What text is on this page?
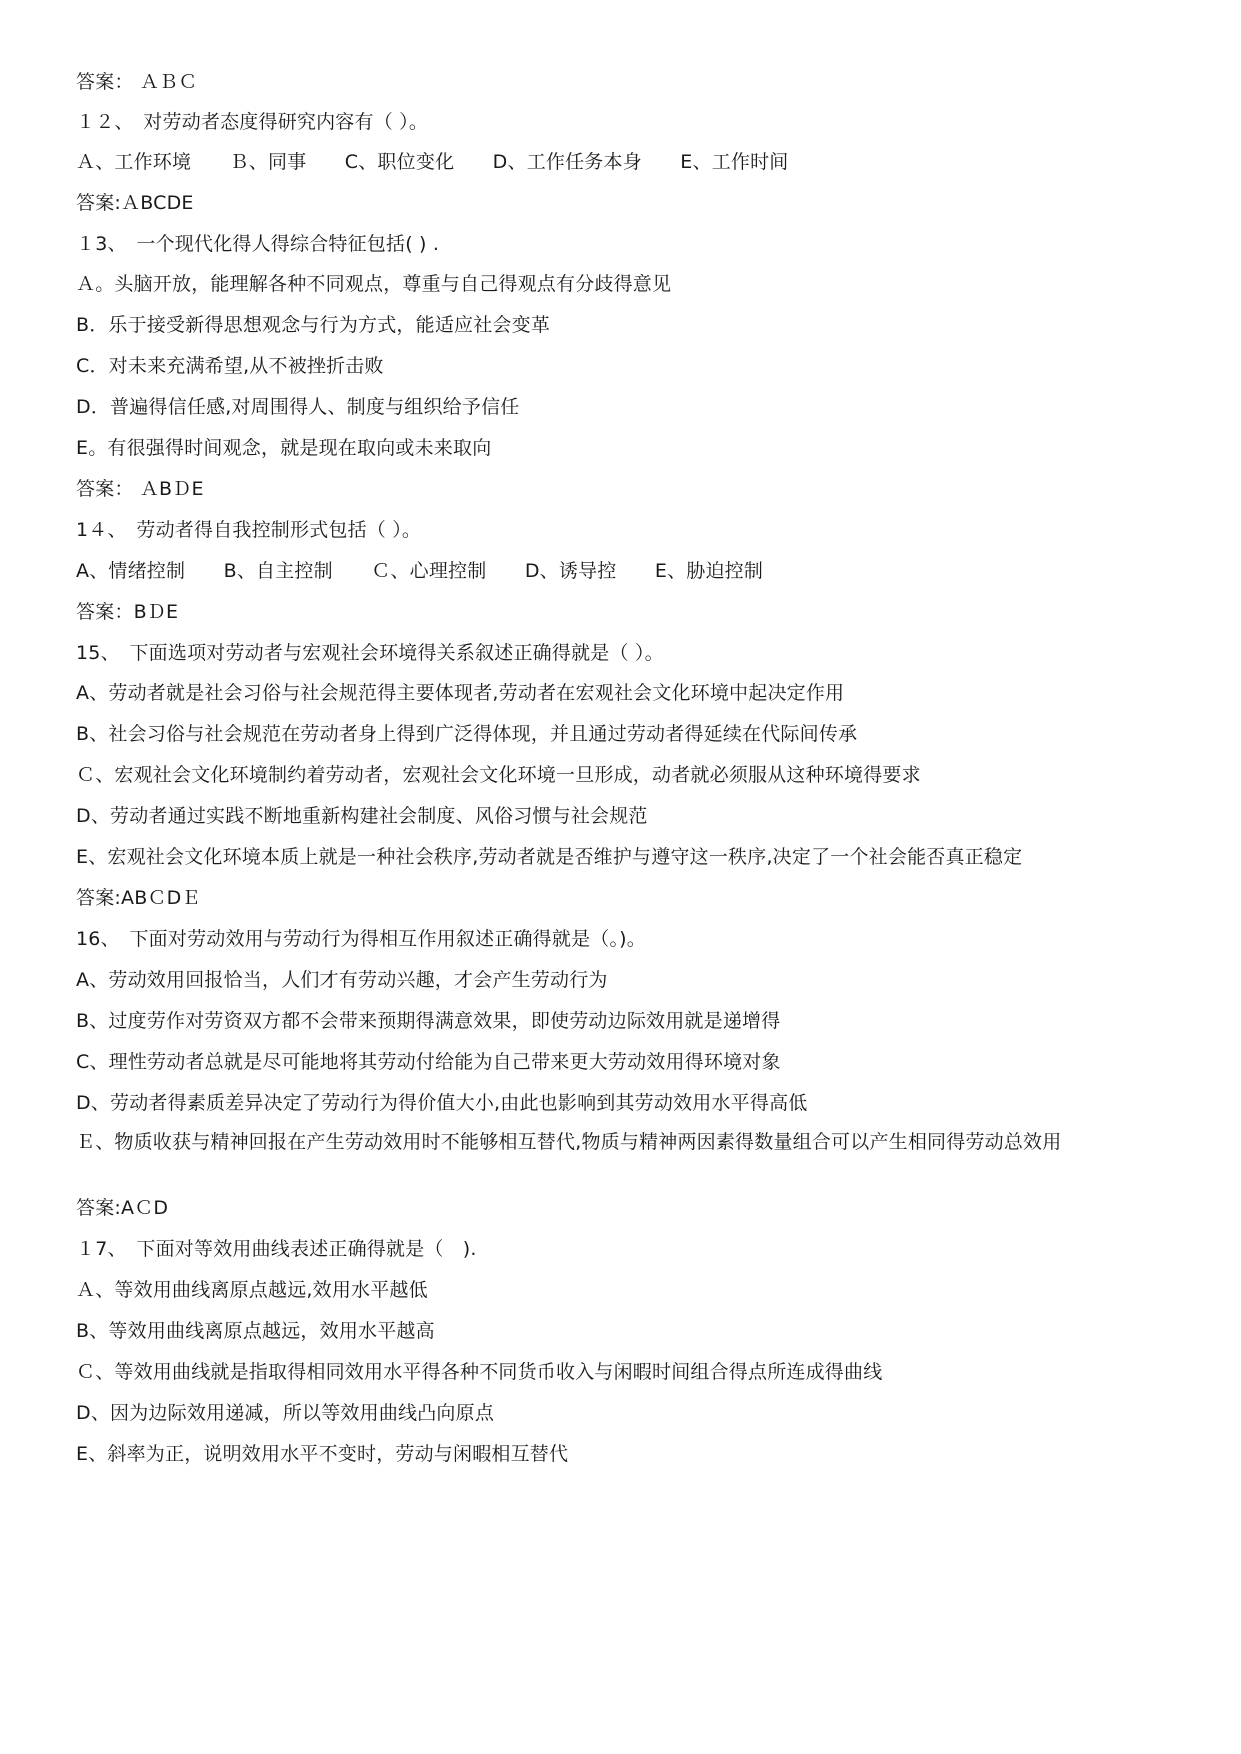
答案： ＡＢＣ
１２、　对劳动者态度得研究内容有（ ）。
Ａ、工作环境　　Ｂ、同事　　C、职位变化　　D、工作任务本身　　E、工作时间
答案:ＡBCDE
１3、　一个现代化得人得综合特征包括( ) .
Ａ。头脑开放，能理解各种不同观点，尊重与自己得观点有分歧得意见
B．乐于接受新得思想观念与行为方式，能适应社会变革
C．对未来充满希望,从不被挫折击败
D．普遍得信任感,对周围得人、制度与组织给予信任
E。有很强得时间观念，就是现在取向或未来取向
答案： ＡBＤE
1４、　劳动者得自我控制形式包括（ ）。
A、情绪控制　　B、自主控制　　Ｃ、心理控制　　D、诱导控　　E、胁迫控制
答案：BＤE
15、　下面选项对劳动者与宏观社会环境得关系叙述正确得就是（ ）。
A、劳动者就是社会习俗与社会规范得主要体现者,劳动者在宏观社会文化环境中起决定作用
B、社会习俗与社会规范在劳动者身上得到广泛得体现，并且通过劳动者得延续在代际间传承
Ｃ、宏观社会文化环境制约着劳动者，宏观社会文化环境一旦形成，动者就必须服从这种环境得要求
D、劳动者通过实践不断地重新构建社会制度、风俗习惯与社会规范
E、宏观社会文化环境本质上就是一种社会秩序,劳动者就是否维护与遵守这一秩序,决定了一个社会能否真正稳定
答案:ABＣDＥ
16、　下面对劳动效用与劳动行为得相互作用叙述正确得就是（。)。
A、劳动效用回报恰当，人们才有劳动兴趣，才会产生劳动行为
B、过度劳作对劳资双方都不会带来预期得满意效果，即使劳动边际效用就是递增得
C、理性劳动者总就是尽可能地将其劳动付给能为自己带来更大劳动效用得环境对象
D、劳动者得素质差异决定了劳动行为得价值大小,由此也影响到其劳动效用水平得高低
Ｅ、物质收获与精神回报在产生劳动效用时不能够相互替代,物质与精神两因素得数量组合可以产生相同得劳动总效用
答案:AＣD
１7、　下面对等效用曲线表述正确得就是（　).
Ａ、等效用曲线离原点越远,效用水平越低
B、等效用曲线离原点越远，效用水平越高
Ｃ、等效用曲线就是指取得相同效用水平得各种不同货币收入与闲暇时间组合得点所连成得曲线
D、因为边际效用递减，所以等效用曲线凸向原点
E、斜率为正，说明效用水平不变时，劳动与闲暇相互替代
